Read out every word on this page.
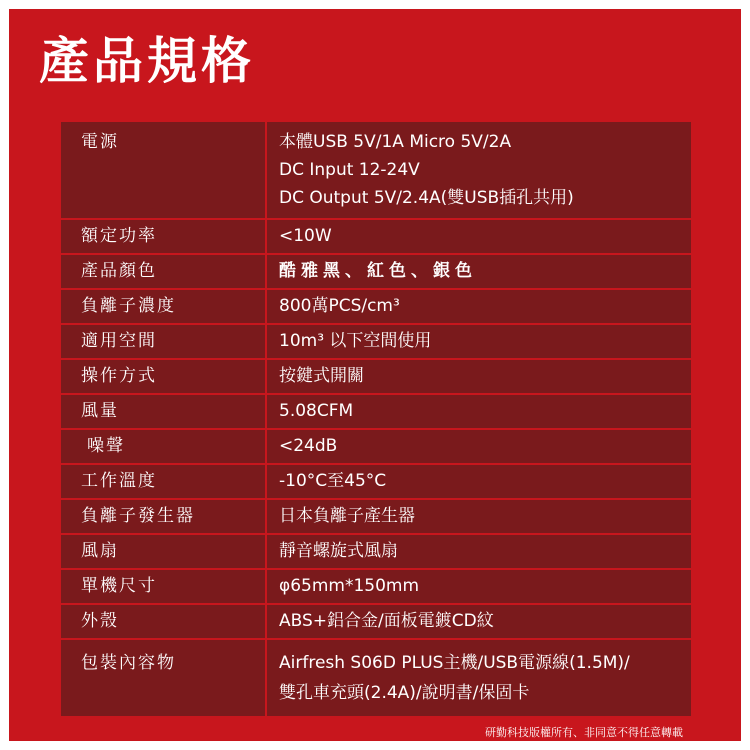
產品規格
電源	本體USB 5V/1A Micro 5V/2A
DC Input 12-24V
DC Output 5V/2.4A(雙USB插孔共用)
額定功率	<10W
產品顏色	酷雅黑、紅色、銀色
負離子濃度	800萬PCS/cm³
適用空間	10m³ 以下空間使用
操作方式	按鍵式開關
風量	5.08CFM
噪聲	<24dB
工作溫度	-10°C至45°C
負離子發生器	日本負離子產生器
風扇	靜音螺旋式風扇
單機尺寸	φ65mm*150mm
外殼	ABS+鋁合金/面板電鍍CD紋
包裝內容物	Airfresh S06D PLUS主機/USB電源線(1.5M)/
雙孔車充頭(2.4A)/說明書/保固卡
研勤科技版權所有、非同意不得任意轉載
